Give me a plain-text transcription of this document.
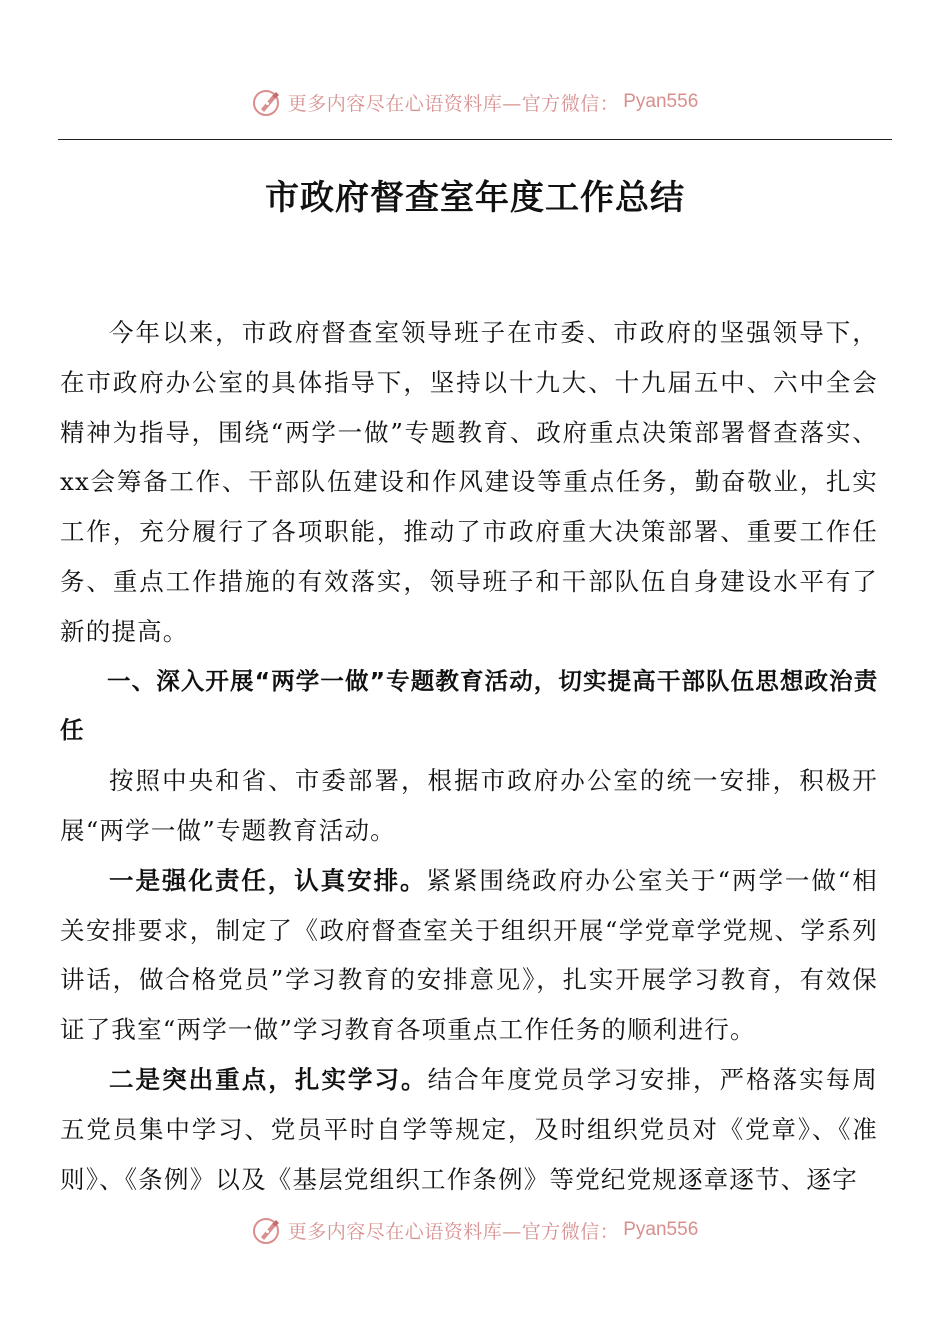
更多内容尽在心语资料库—官方微信： Pyan556
市政府督查室年度工作总结

今年以来，市政府督查室领导班子在市委、市政府的坚强领导下，在市政府办公室的具体指导下，坚持以十九大、十九届五中、六中全会精神为指导，围绕“两学一做”专题教育、政府重点决策部署督查落实、xx会筹备工作、干部队伍建设和作风建设等重点任务，勤奋敬业，扎实工作，充分履行了各项职能，推动了市政府重大决策部署、重要工作任务、重点工作措施的有效落实，领导班子和干部队伍自身建设水平有了新的提高。

一、深入开展“两学一做”专题教育活动，切实提高干部队伍思想政治责任

按照中央和省、市委部署，根据市政府办公室的统一安排，积极开展“两学一做”专题教育活动。

一是强化责任，认真安排。紧紧围绕政府办公室关于“两学一做“相关安排要求，制定了《政府督查室关于组织开展“学党章学党规、学系列讲话，做合格党员”学习教育的安排意见》，扎实开展学习教育，有效保证了我室“两学一做”学习教育各项重点工作任务的顺利进行。

二是突出重点，扎实学习。结合年度党员学习安排，严格落实每周五党员集中学习、党员平时自学等规定，及时组织党员对《党章》、《准则》、《条例》以及《基层党组织工作条例》等党纪党规逐章逐节、逐字

更多内容尽在心语资料库—官方微信： Pyan556
